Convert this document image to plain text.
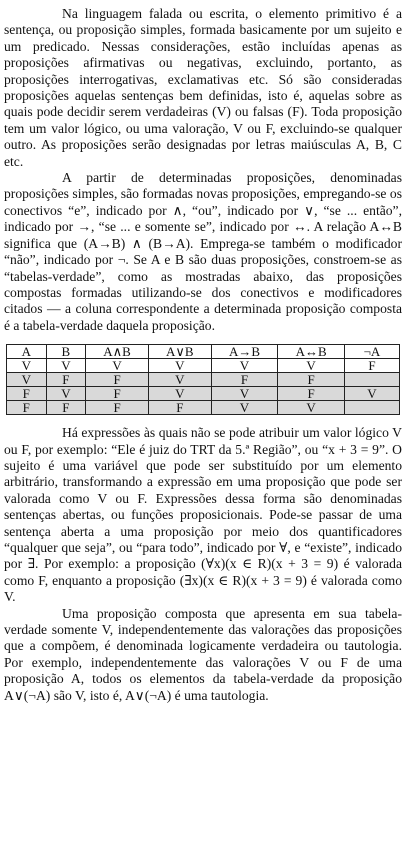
Na linguagem falada ou escrita, o elemento primitivo é a sentença, ou proposição simples, formada basicamente por um sujeito e um predicado. Nessas considerações, estão incluídas apenas as proposições afirmativas ou negativas, excluindo, portanto, as proposições interrogativas, exclamativas etc. Só são consideradas proposições aquelas sentenças bem definidas, isto é, aquelas sobre as quais pode decidir serem verdadeiras (V) ou falsas (F). Toda proposição tem um valor lógico, ou uma valoração, V ou F, excluindo-se qualquer outro. As proposições serão designadas por letras maiúsculas A, B, C etc.

A partir de determinadas proposições, denominadas proposições simples, são formadas novas proposições, empregando-se os conectivos “e”, indicado por ∧, “ou”, indicado por ∨, “se ... então”, indicado por →, “se ... e somente se”, indicado por ↔. A relação A↔B significa que (A→B) ∧ (B→A). Emprega-se também o modificador “não”, indicado por ¬. Se A e B são duas proposições, constroem-se as “tabelas-verdade”, como as mostradas abaixo, das proposições compostas formadas utilizando-se dos conectivos e modificadores citados — a coluna correspondente a determinada proposição composta é a tabela-verdade daquela proposição.

A	B	A∧B	A∨B	A→B	A↔B	¬A
V	V	V	V	V	V	F
V	F	F	V	F	F	
F	V	F	V	V	F	V
F	F	F	F	V	V	

Há expressões às quais não se pode atribuir um valor lógico V ou F, por exemplo: “Ele é juiz do TRT da 5.ª Região”, ou “x + 3 = 9”. O sujeito é uma variável que pode ser substituído por um elemento arbitrário, transformando a expressão em uma proposição que pode ser valorada como V ou F. Expressões dessa forma são denominadas sentenças abertas, ou funções proposicionais. Pode-se passar de uma sentença aberta a uma proposição por meio dos quantificadores “qualquer que seja”, ou “para todo”, indicado por ∀, e “existe”, indicado por ∃. Por exemplo: a proposição (∀x)(x ∈ R)(x + 3 = 9) é valorada como F, enquanto a proposição (∃x)(x ∈ R)(x + 3 = 9) é valorada como V.

Uma proposição composta que apresenta em sua tabela-verdade somente V, independentemente das valorações das proposições que a compõem, é denominada logicamente verdadeira ou tautologia. Por exemplo, independentemente das valorações V ou F de uma proposição A, todos os elementos da tabela-verdade da proposição A∨(¬A) são V, isto é, A∨(¬A) é uma tautologia.
